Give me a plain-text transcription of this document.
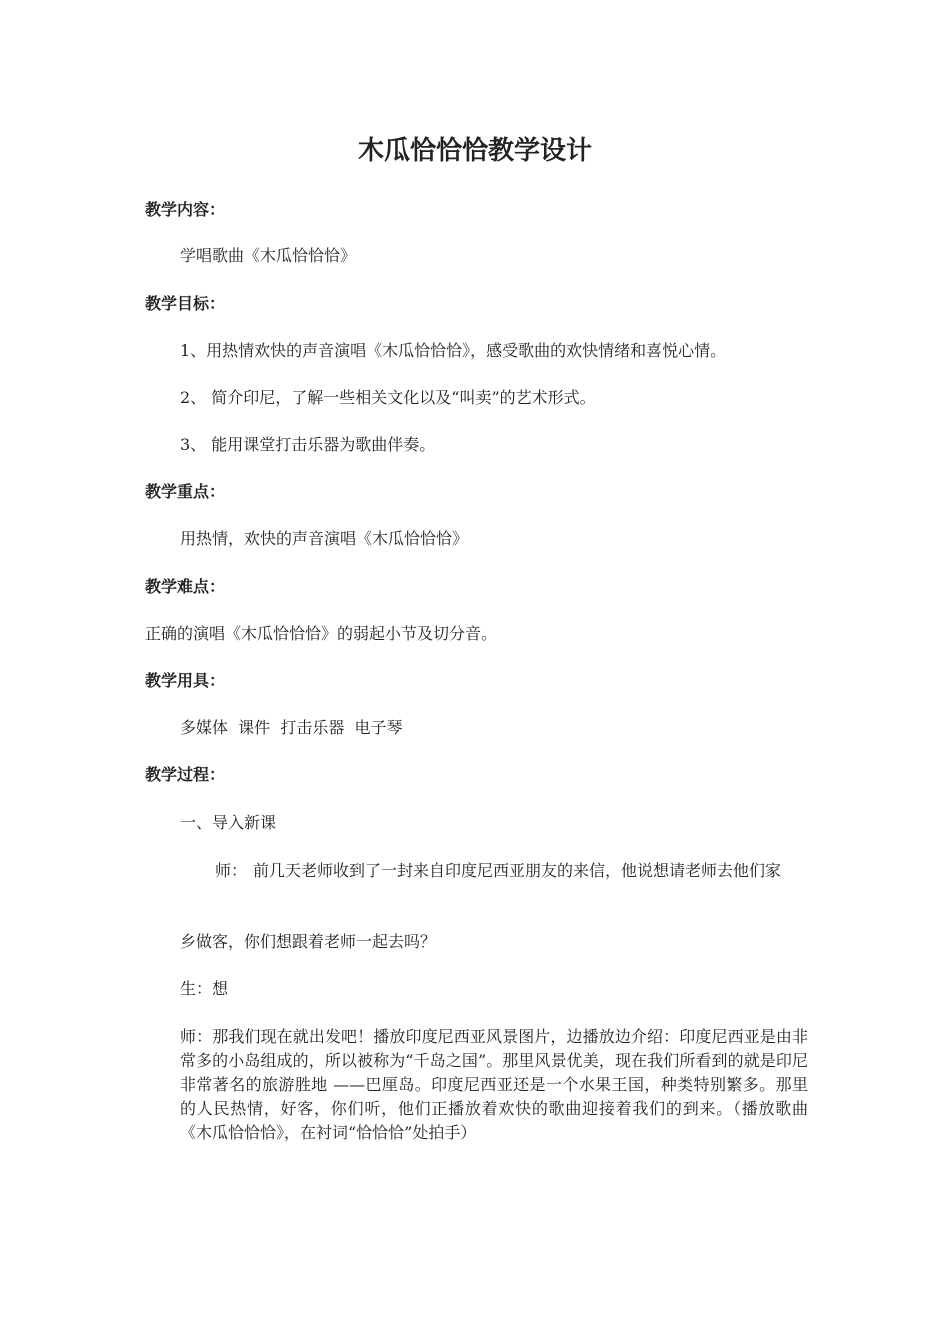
木瓜恰恰恰教学设计
教学内容：
学唱歌曲《木瓜恰恰恰》
教学目标：
1、用热情欢快的声音演唱《木瓜恰恰恰》，感受歌曲的欢快情绪和喜悦心情。
2、 简介印尼，了解一些相关文化以及“叫卖”的艺术形式。
3、 能用课堂打击乐器为歌曲伴奏。
教学重点：
用热情，欢快的声音演唱《木瓜恰恰恰》
教学难点：
正确的演唱《木瓜恰恰恰》的弱起小节及切分音。
教学用具：
多媒体  课件  打击乐器  电子琴
教学过程：
一、导入新课
师： 前几天老师收到了一封来自印度尼西亚朋友的来信，他说想请老师去他们家
乡做客，你们想跟着老师一起去吗？
生：想
师：那我们现在就出发吧！播放印度尼西亚风景图片，边播放边介绍：印度尼西亚是由非常多的小岛组成的，所以被称为“千岛之国”。那里风景优美，现在我们所看到的就是印尼非常著名的旅游胜地 ——巴厘岛。印度尼西亚还是一个水果王国，种类特别繁多。那里的人民热情，好客，你们听，他们正播放着欢快的歌曲迎接着我们的到来。（播放歌曲《木瓜恰恰恰》，在衬词“恰恰恰”处拍手）
